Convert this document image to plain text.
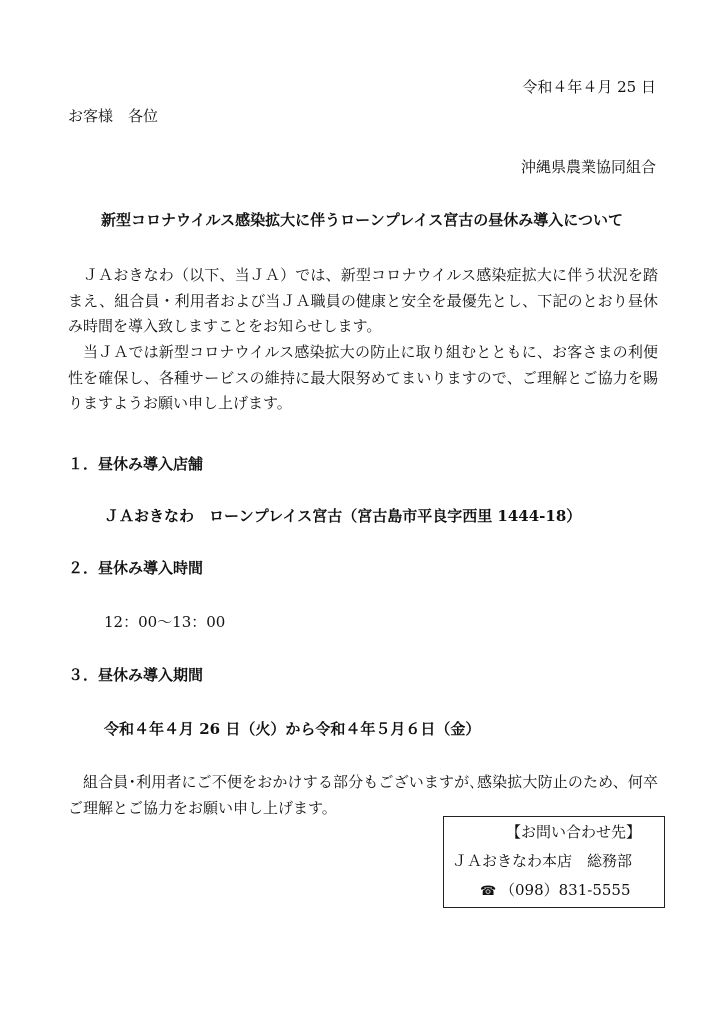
令和４年４月 25 日
お客様　各位
沖縄県農業協同組合
新型コロナウイルス感染拡大に伴うローンプレイス宮古の昼休み導入について
ＪＡおきなわ（以下、当ＪＡ）では、新型コロナウイルス感染症拡大に伴う状況を踏まえ、組合員・利用者および当ＪＡ職員の健康と安全を最優先とし、下記のとおり昼休み時間を導入致しますことをお知らせします。
当ＪＡでは新型コロナウイルス感染拡大の防止に取り組むとともに、お客さまの利便性を確保し、各種サービスの維持に最大限努めてまいりますので、ご理解とご協力を賜りますようお願い申し上げます。
１．昼休み導入店舗
ＪＡおきなわ　ローンプレイス宮古（宮古島市平良字西里 1444-18）
２．昼休み導入時間
12：00～13：00
３．昼休み導入期間
令和４年４月 26 日（火）から令和４年５月６日（金）
組合員･利用者にご不便をおかけする部分もございますが､感染拡大防止のため、何卒ご理解とご協力をお願い申し上げます。
【お問い合わせ先】
ＪＡおきなわ本店　総務部
☎ （098）831-5555
